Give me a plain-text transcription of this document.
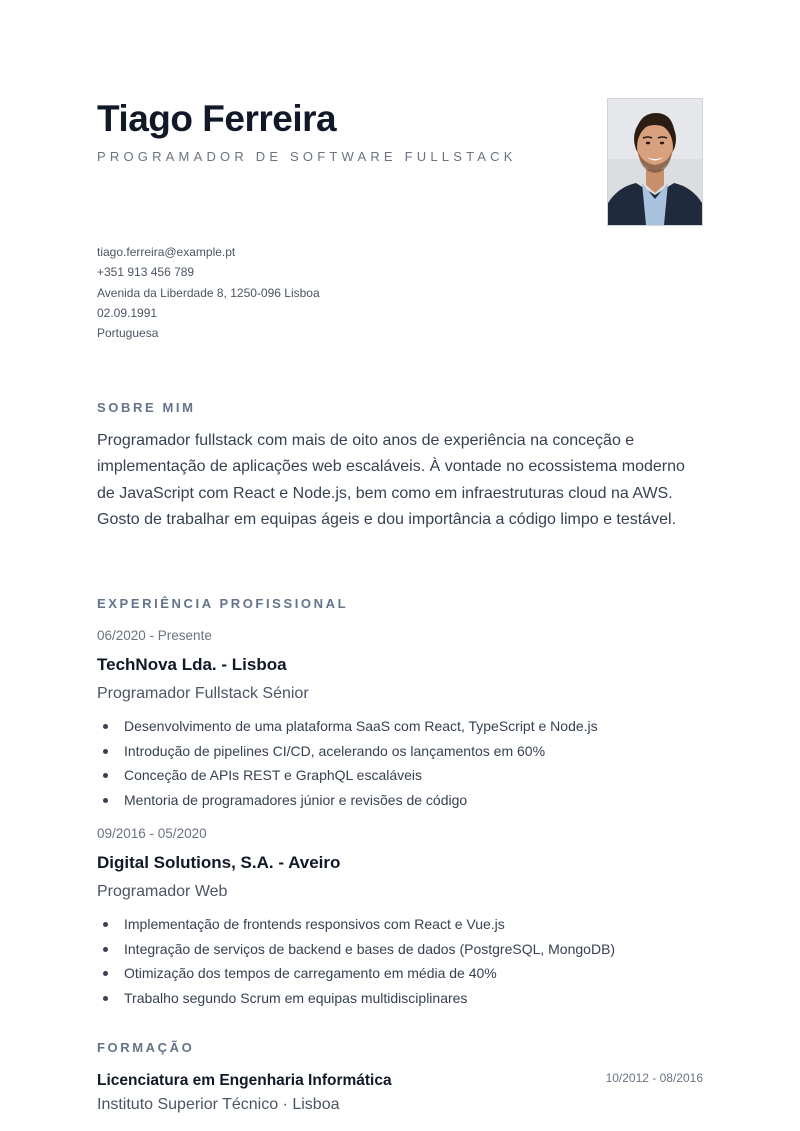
Tiago Ferreira
PROGRAMADOR DE SOFTWARE FULLSTACK
tiago.ferreira@example.pt
+351 913 456 789
Avenida da Liberdade 8, 1250-096 Lisboa
02.09.1991
Portuguesa
SOBRE MIM

Programador fullstack com mais de oito anos de experiência na conceção e implementação de aplicações web escaláveis. À vontade no ecossistema moderno de JavaScript com React e Node.js, bem como em infraestruturas cloud na AWS. Gosto de trabalhar em equipas ágeis e dou importância a código limpo e testável.

EXPERIÊNCIA PROFISSIONAL
06/2020 - Presente
TechNova Lda. - Lisboa
Programador Fullstack Sénior
Desenvolvimento de uma plataforma SaaS com React, TypeScript e Node.js
Introdução de pipelines CI/CD, acelerando os lançamentos em 60%
Conceção de APIs REST e GraphQL escaláveis
Mentoria de programadores júnior e revisões de código
09/2016 - 05/2020
Digital Solutions, S.A. - Aveiro
Programador Web
Implementação de frontends responsivos com React e Vue.js
Integração de serviços de backend e bases de dados (PostgreSQL, MongoDB)
Otimização dos tempos de carregamento em média de 40%
Trabalho segundo Scrum em equipas multidisciplinares
FORMAÇÃO
Licenciatura em Engenharia Informática	10/2012 - 08/2016
Instituto Superior Técnico · Lisboa
